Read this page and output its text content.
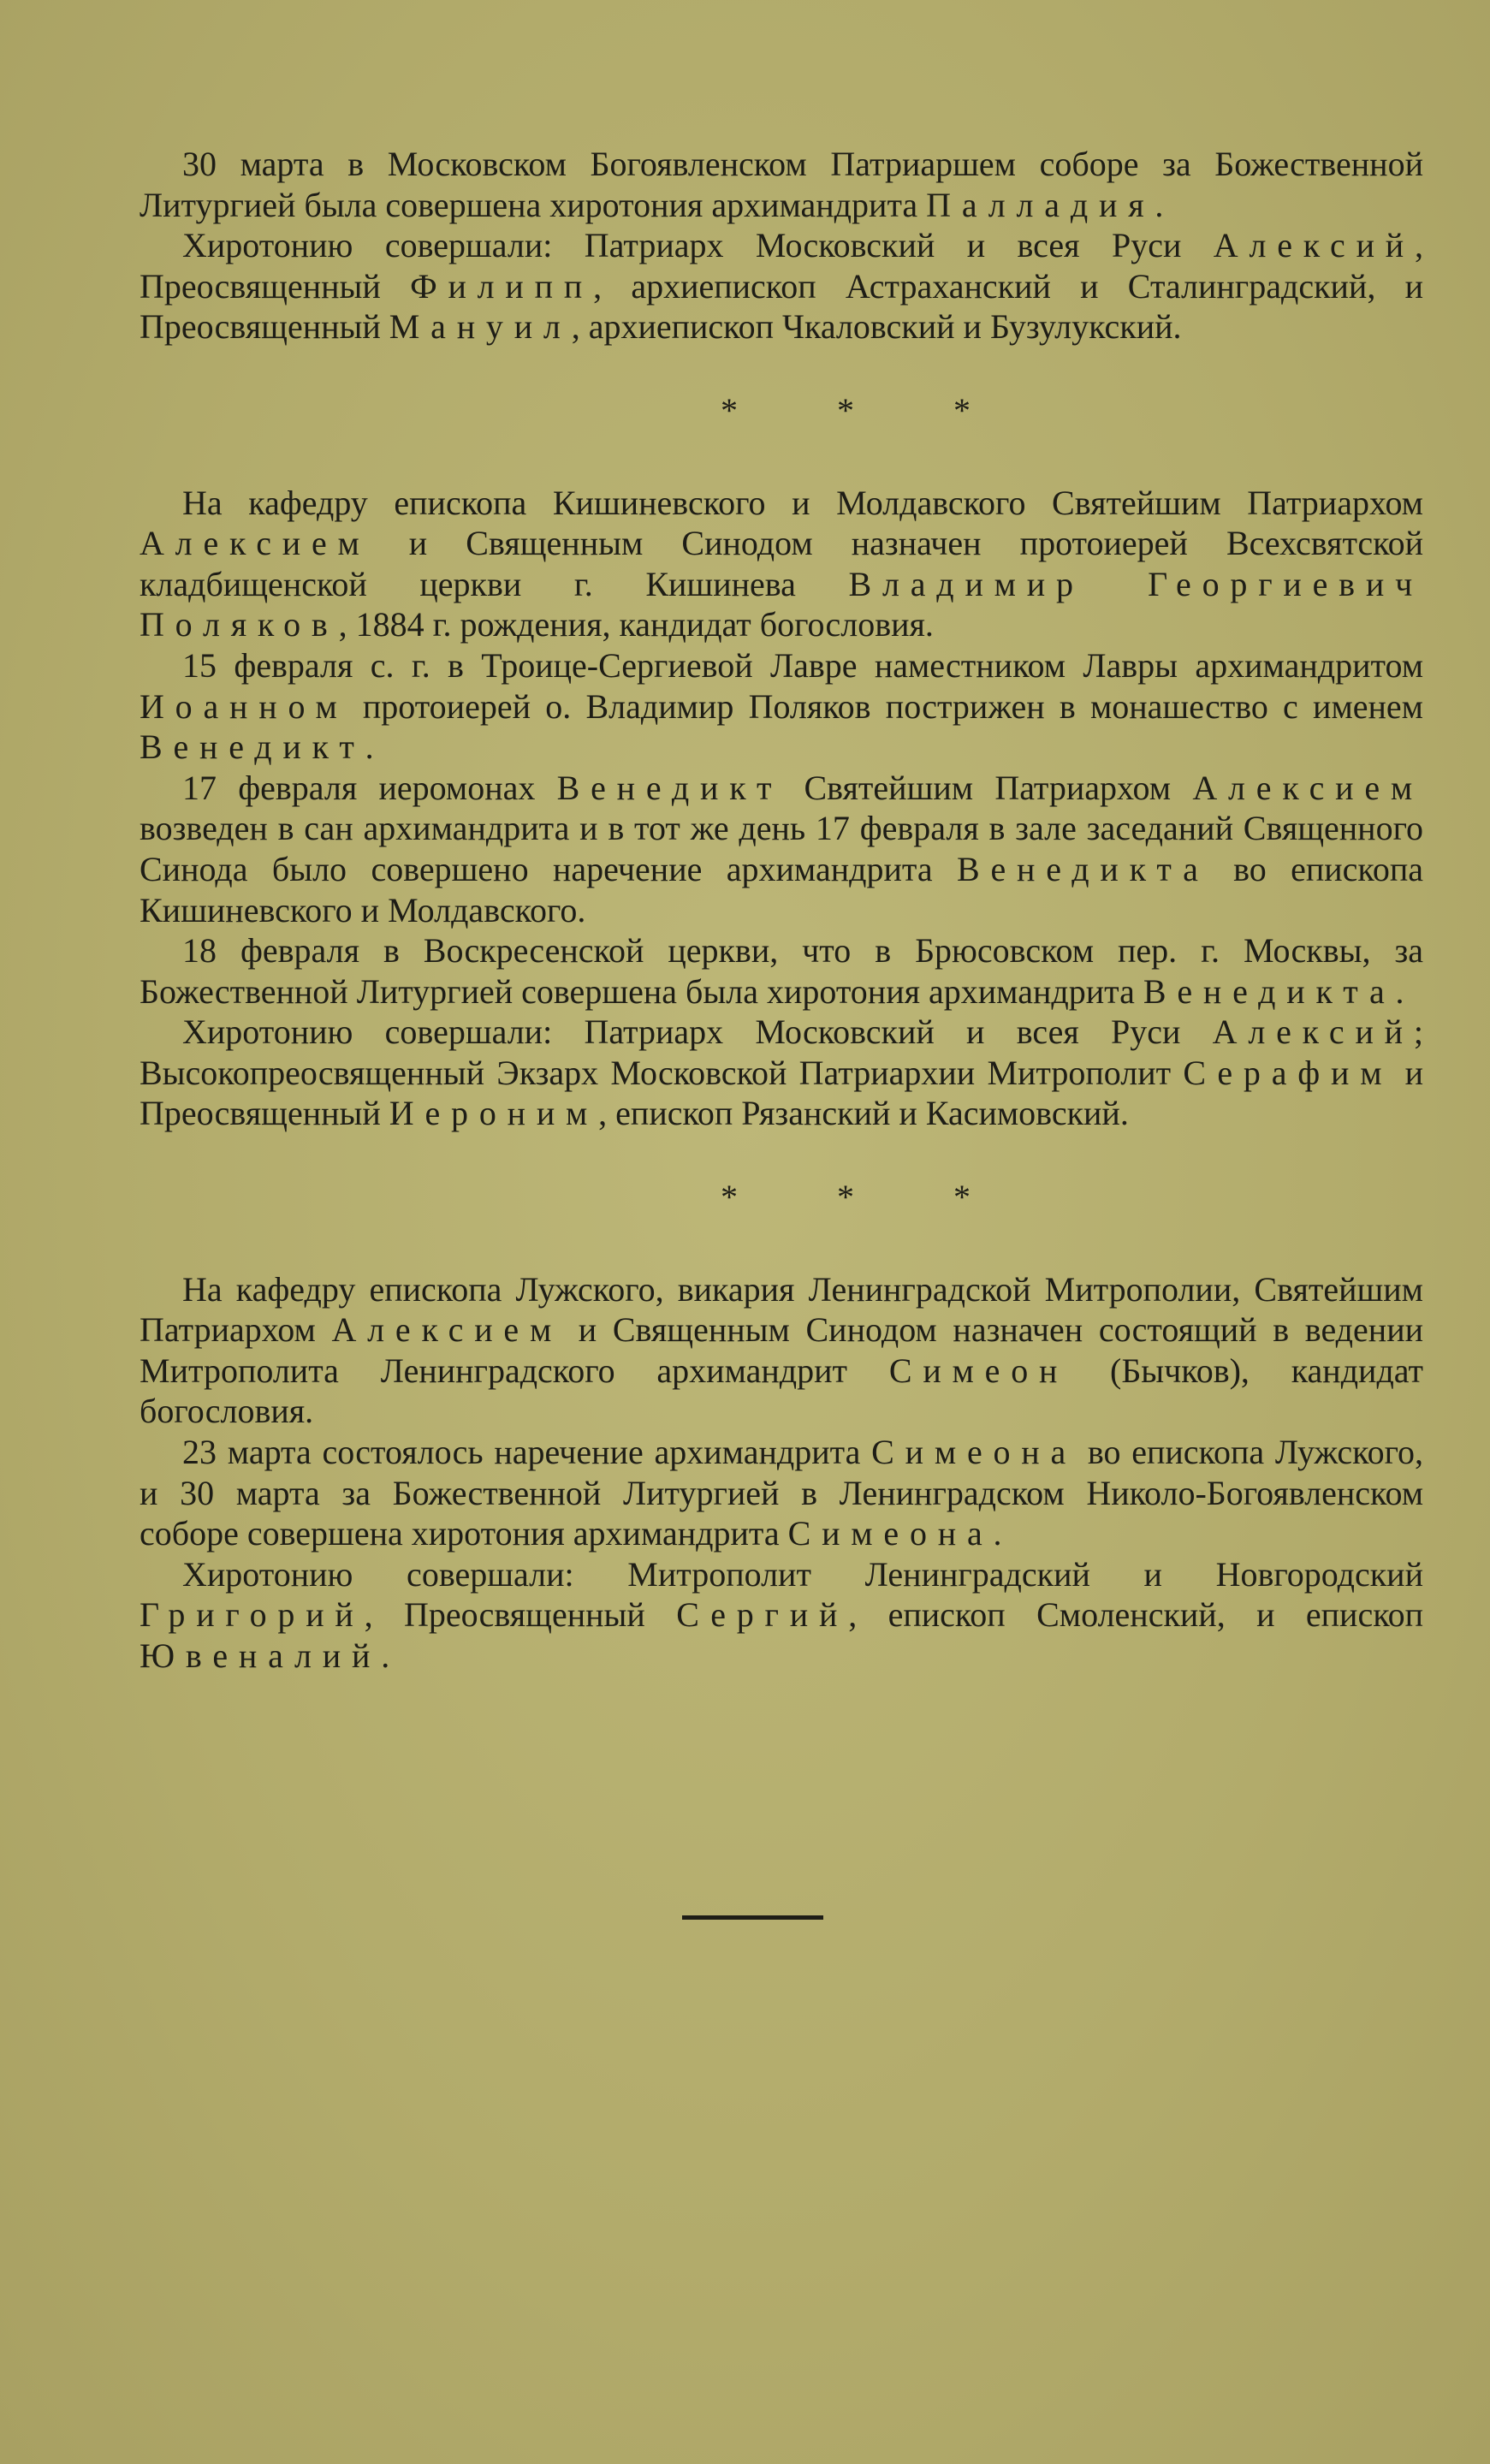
30 марта в Московском Богоявленском Патриаршем соборе за Божественной Литургией была совершена хиротония архимандрита Палладия.

Хиротонию совершали: Патриарх Московский и всея Руси Алексий, Преосвященный Филипп, архиепископ Астраханский и Сталинградский, и Преосвященный Мануил, архиепископ Чкаловский и Бузулукский.

*	*	*

На кафедру епископа Кишиневского и Молдавского Святейшим Патриархом Алексием и Священным Синодом назначен протоиерей Всехсвятской кладбищенской церкви г. Кишинева Владимир Георгиевич Поляков, 1884 г. рождения, кандидат богословия.

15 февраля с. г. в Троице-Сергиевой Лавре наместником Лавры архимандритом Иоанном протоиерей о. Владимир Поляков пострижен в монашество с именем Венедикт.

17 февраля иеромонах Венедикт Святейшим Патриархом Алексием возведен в сан архимандрита и в тот же день 17 февраля в зале заседаний Священного Синода было совершено наречение архимандрита Венедикта во епископа Кишиневского и Молдавского.

18 февраля в Воскресенской церкви, что в Брюсовском пер. г. Москвы, за Божественной Литургией совершена была хиротония архимандрита Венедикта.

Хиротонию совершали: Патриарх Московский и всея Руси Алексий; Высокопреосвященный Экзарх Московской Патриархии Митрополит Серафим и Преосвященный Иероним, епископ Рязанский и Касимовский.

*	*	*

На кафедру епископа Лужского, викария Ленинградской Митрополии, Святейшим Патриархом Алексием и Священным Синодом назначен состоящий в ведении Митрополита Ленинградского архимандрит Симеон (Бычков), кандидат богословия.

23 марта состоялось наречение архимандрита Симеона во епископа Лужского, и 30 марта за Божественной Литургией в Ленинградском Николо-Богоявленском соборе совершена хиротония архимандрита Симеона.

Хиротонию совершали: Митрополит Ленинградский и Новгородский Григорий, Преосвященный Сергий, епископ Смоленский, и епископ Ювеналий.
